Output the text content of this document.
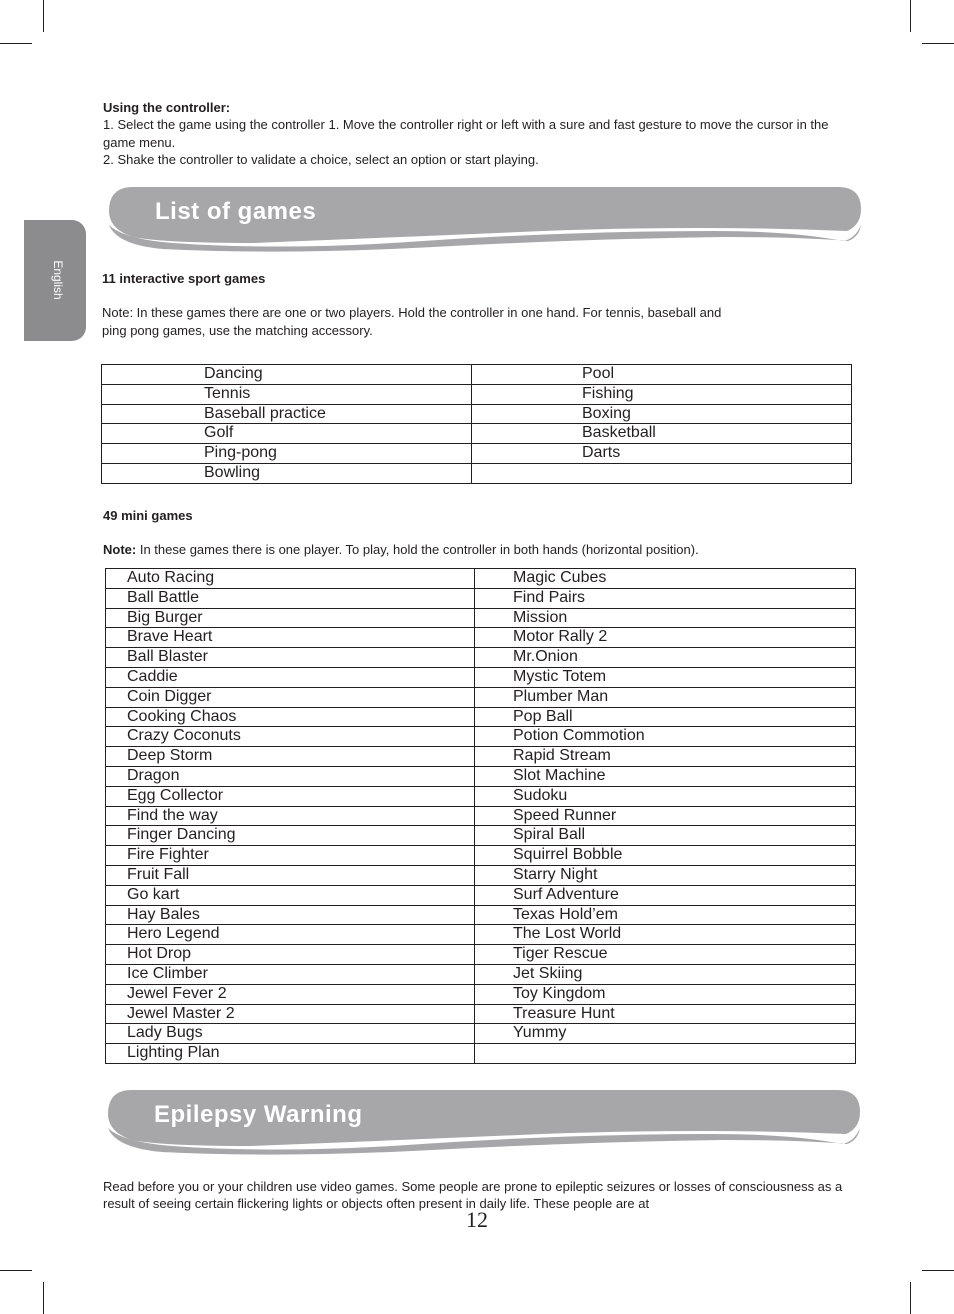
English
Using the controller:
1. Select the game using the controller 1. Move the controller right or left with a sure and fast gesture to move the cursor in the game menu.
2. Shake the controller to validate a choice, select an option or start playing.
List of games
11 interactive sport games
Note: In these games there are one or two players. Hold the controller in one hand. For tennis, baseball and ping pong games, use the matching accessory.
Dancing	Pool
Tennis	Fishing
Baseball practice	Boxing
Golf	Basketball
Ping-pong	Darts
Bowling	
49 mini games
Note: In these games there is one player. To play, hold the controller in both hands (horizontal position).
Auto Racing	Magic Cubes
Ball Battle	Find Pairs
Big Burger	Mission
Brave Heart	Motor Rally 2
Ball Blaster	Mr.Onion
Caddie	Mystic Totem
Coin Digger	Plumber Man
Cooking Chaos	Pop Ball
Crazy Coconuts	Potion Commotion
Deep Storm	Rapid Stream
Dragon	Slot Machine
Egg Collector	Sudoku
Find the way	Speed Runner
Finger Dancing	Spiral Ball
Fire Fighter	Squirrel Bobble
Fruit Fall	Starry Night
Go kart	Surf Adventure
Hay Bales	Texas Hold’em
Hero Legend	The Lost World
Hot Drop	Tiger Rescue
Ice Climber	Jet Skiing
Jewel Fever 2	Toy Kingdom
Jewel Master 2	Treasure Hunt
Lady Bugs	Yummy
Lighting Plan	
Epilepsy Warning
Read before you or your children use video games. Some people are prone to epileptic seizures or losses of consciousness as a result of seeing certain flickering lights or objects often present in daily life. These people are at
12
